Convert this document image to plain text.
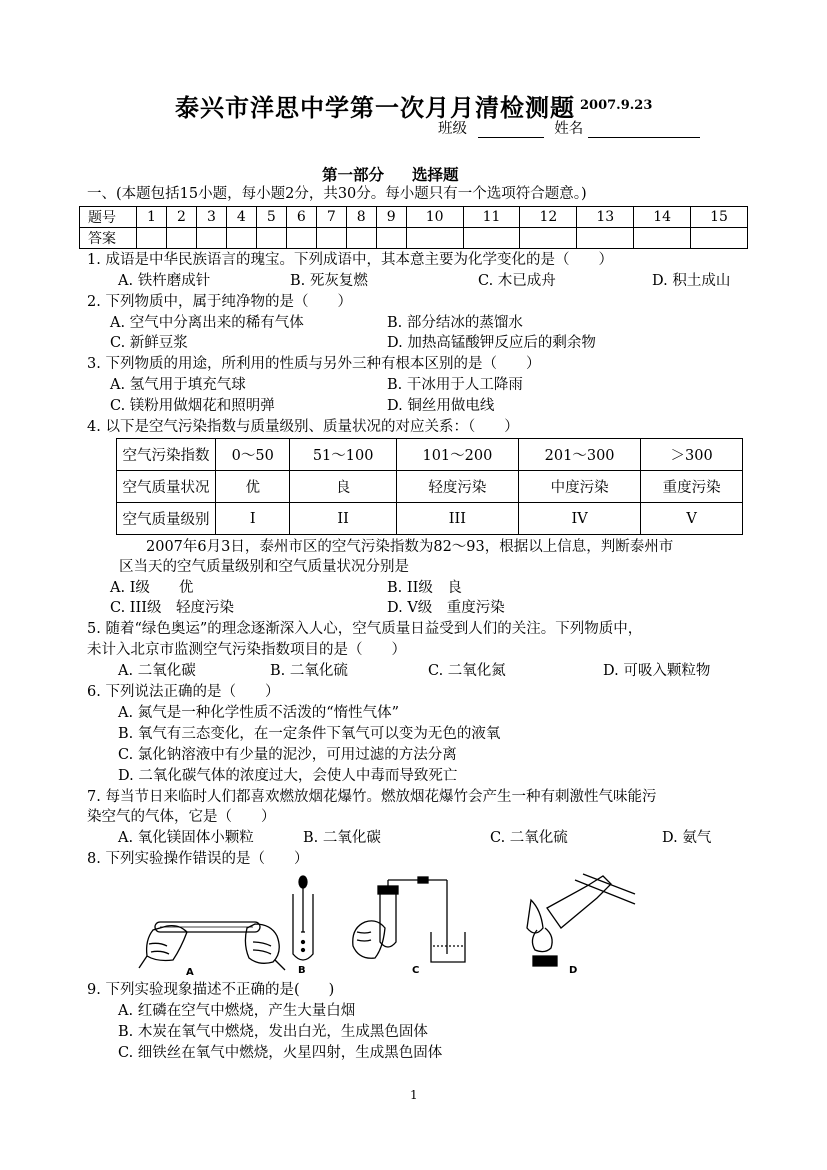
泰兴市洋思中学第一次月月清检测题 2007.9.23
班级	姓名
第一部分 选择题
一、(本题包括15小题，每小题2分，共30分。每小题只有一个选项符合题意。)
题号	1	2	3	4	5	6	7	8	9	10	11	12	13	14	15
答案															
1. 成语是中华民族语言的瑰宝。下列成语中，其本意主要为化学变化的是（　　）
A. 铁杵磨成针	B. 死灰复燃	C. 木已成舟	D. 积土成山
2. 下列物质中，属于纯净物的是（　　）
A. 空气中分离出来的稀有气体	B. 部分结冰的蒸馏水
C. 新鲜豆浆	D. 加热高锰酸钾反应后的剩余物
3. 下列物质的用途，所利用的性质与另外三种有根本区别的是（　　）
A. 氢气用于填充气球	B. 干冰用于人工降雨
C. 镁粉用做烟花和照明弹	D. 铜丝用做电线
4. 以下是空气污染指数与质量级别、质量状况的对应关系：（　　）
空气污染指数	0～50	51～100	101～200	201～300	＞300
空气质量状况	优	良	轻度污染	中度污染	重度污染
空气质量级别	I	II	III	IV	V
2007年6月3日，泰州市区的空气污染指数为82～93，根据以上信息，判断泰州市
区当天的空气质量级别和空气质量状况分别是
A. I级　　优	B. II级　良
C. III级　轻度污染	D. V级　重度污染
5. 随着“绿色奥运”的理念逐渐深入人心，空气质量日益受到人们的关注。下列物质中，
未计入北京市监测空气污染指数项目的是（　　）
A. 二氧化碳	B. 二氧化硫	C. 二氧化氮	D. 可吸入颗粒物
6. 下列说法正确的是（　　）
A. 氮气是一种化学性质不活泼的“惰性气体”
B. 氧气有三态变化，在一定条件下氧气可以变为无色的液氧
C. 氯化钠溶液中有少量的泥沙，可用过滤的方法分离
D. 二氧化碳气体的浓度过大，会使人中毒而导致死亡
7. 每当节日来临时人们都喜欢燃放烟花爆竹。燃放烟花爆竹会产生一种有刺激性气味能污
染空气的气体，它是（　　）
A. 氧化镁固体小颗粒	B. 二氧化碳	C. 二氧化硫	D. 氨气
8. 下列实验操作错误的是（　　）
A	B	C	D
9. 下列实验现象描述不正确的是(　　)
A. 红磷在空气中燃烧，产生大量白烟
B. 木炭在氧气中燃烧，发出白光，生成黑色固体
C. 细铁丝在氧气中燃烧，火星四射，生成黑色固体
1
